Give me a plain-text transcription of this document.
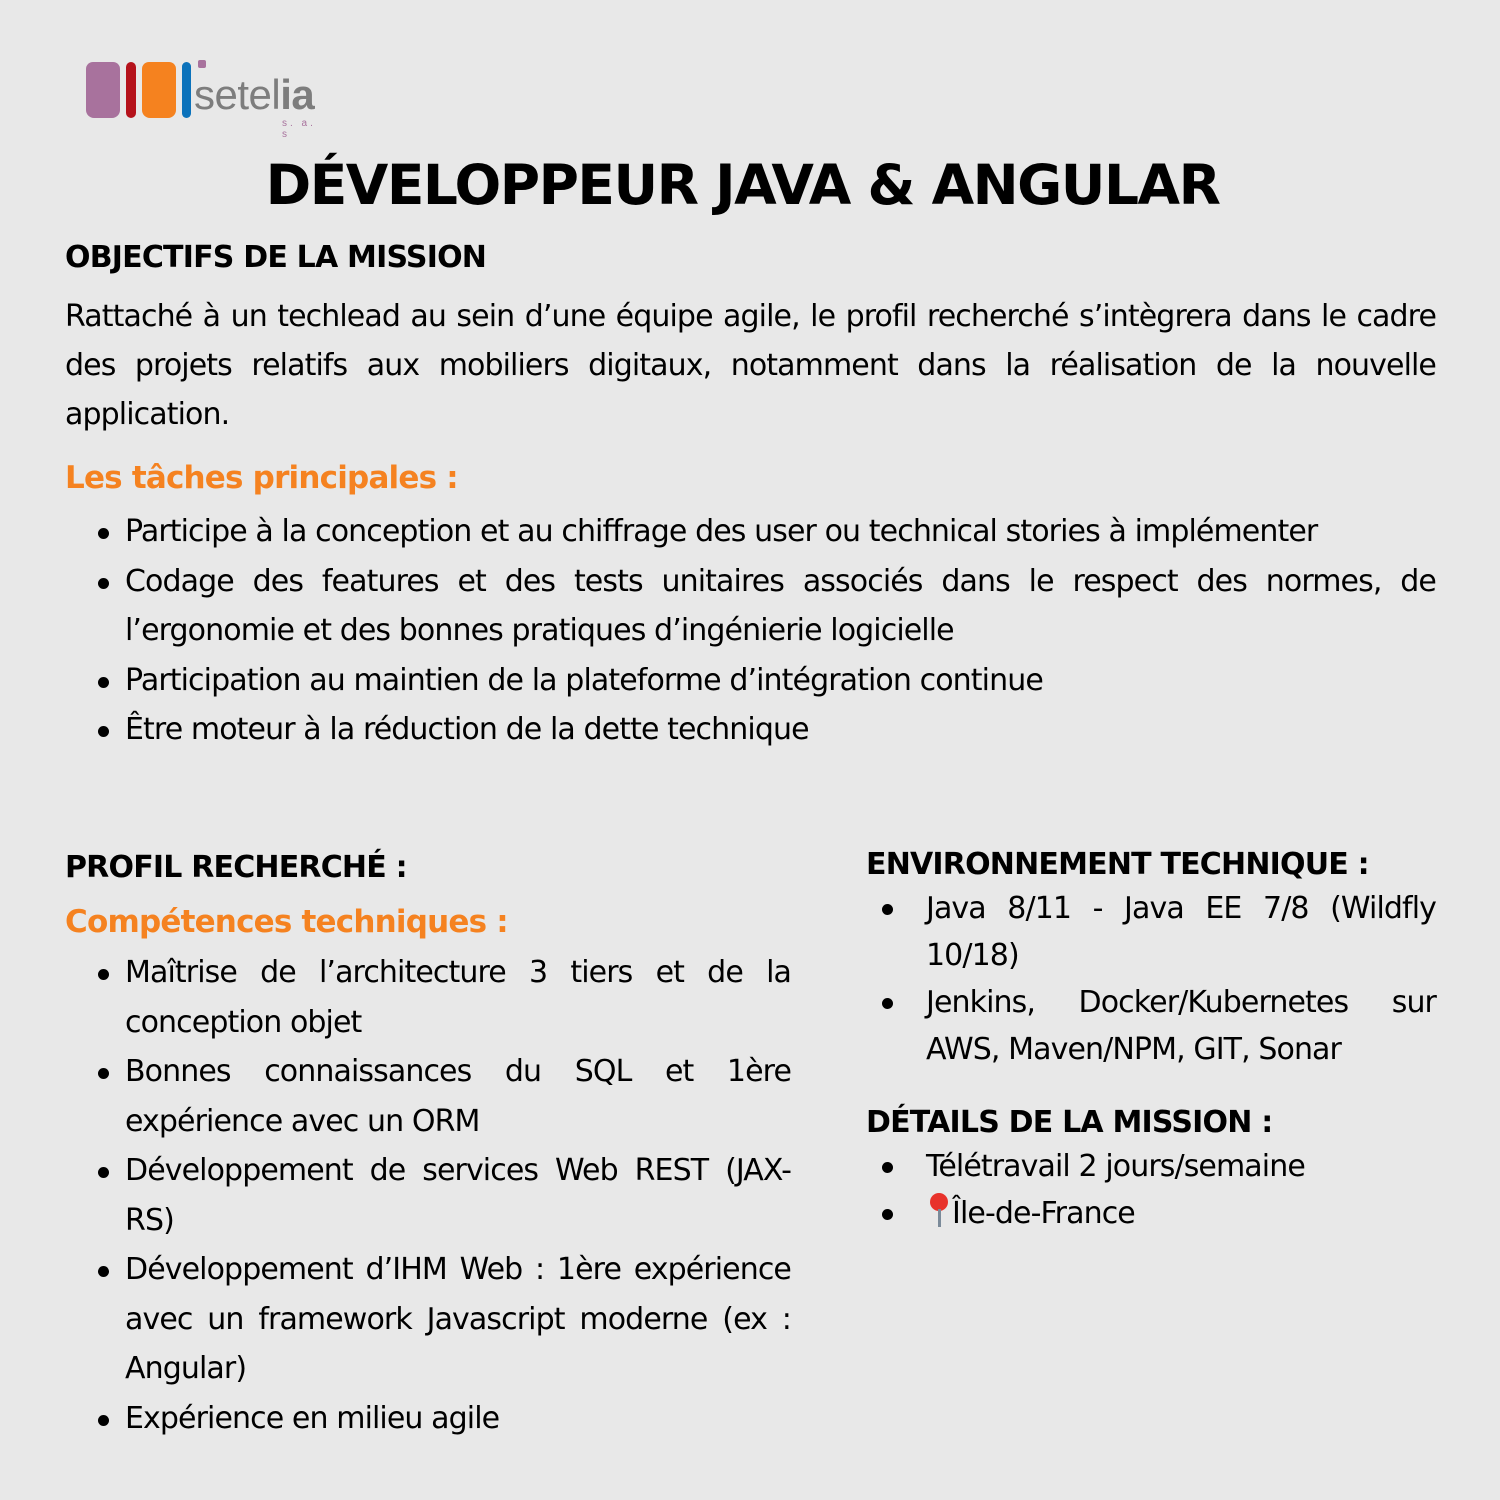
setelia
s. a. s
DÉVELOPPEUR JAVA & ANGULAR
OBJECTIFS DE LA MISSION

Rattaché à un techlead au sein d’une équipe agile, le profil recherché s’intègrera dans le cadre des projets relatifs aux mobiliers digitaux, notamment dans la réalisation de la nouvelle application.

Les tâches principales :
Participe à la conception et au chiffrage des user ou technical stories à implémenter
Codage des features et des tests unitaires associés dans le respect des normes, de l’ergonomie et des bonnes pratiques d’ingénierie logicielle
Participation au maintien de la plateforme d’intégration continue
Être moteur à la réduction de la dette technique
PROFIL RECHERCHÉ :
Compétences techniques :
Maîtrise de l’architecture 3 tiers et de la conception objet
Bonnes connaissances du SQL et 1ère expérience avec un ORM
Développement de services Web REST (JAX-RS)
Développement d’IHM Web : 1ère expérience avec un framework Javascript moderne (ex : Angular)
Expérience en milieu agile
ENVIRONNEMENT TECHNIQUE :
Java 8/11 - Java EE 7/8 (Wildfly 10/18)
Jenkins, Docker/Kubernetes sur AWS, Maven/NPM, GIT, Sonar
DÉTAILS DE LA MISSION :
Télétravail 2 jours/semaine
Île-de-France
